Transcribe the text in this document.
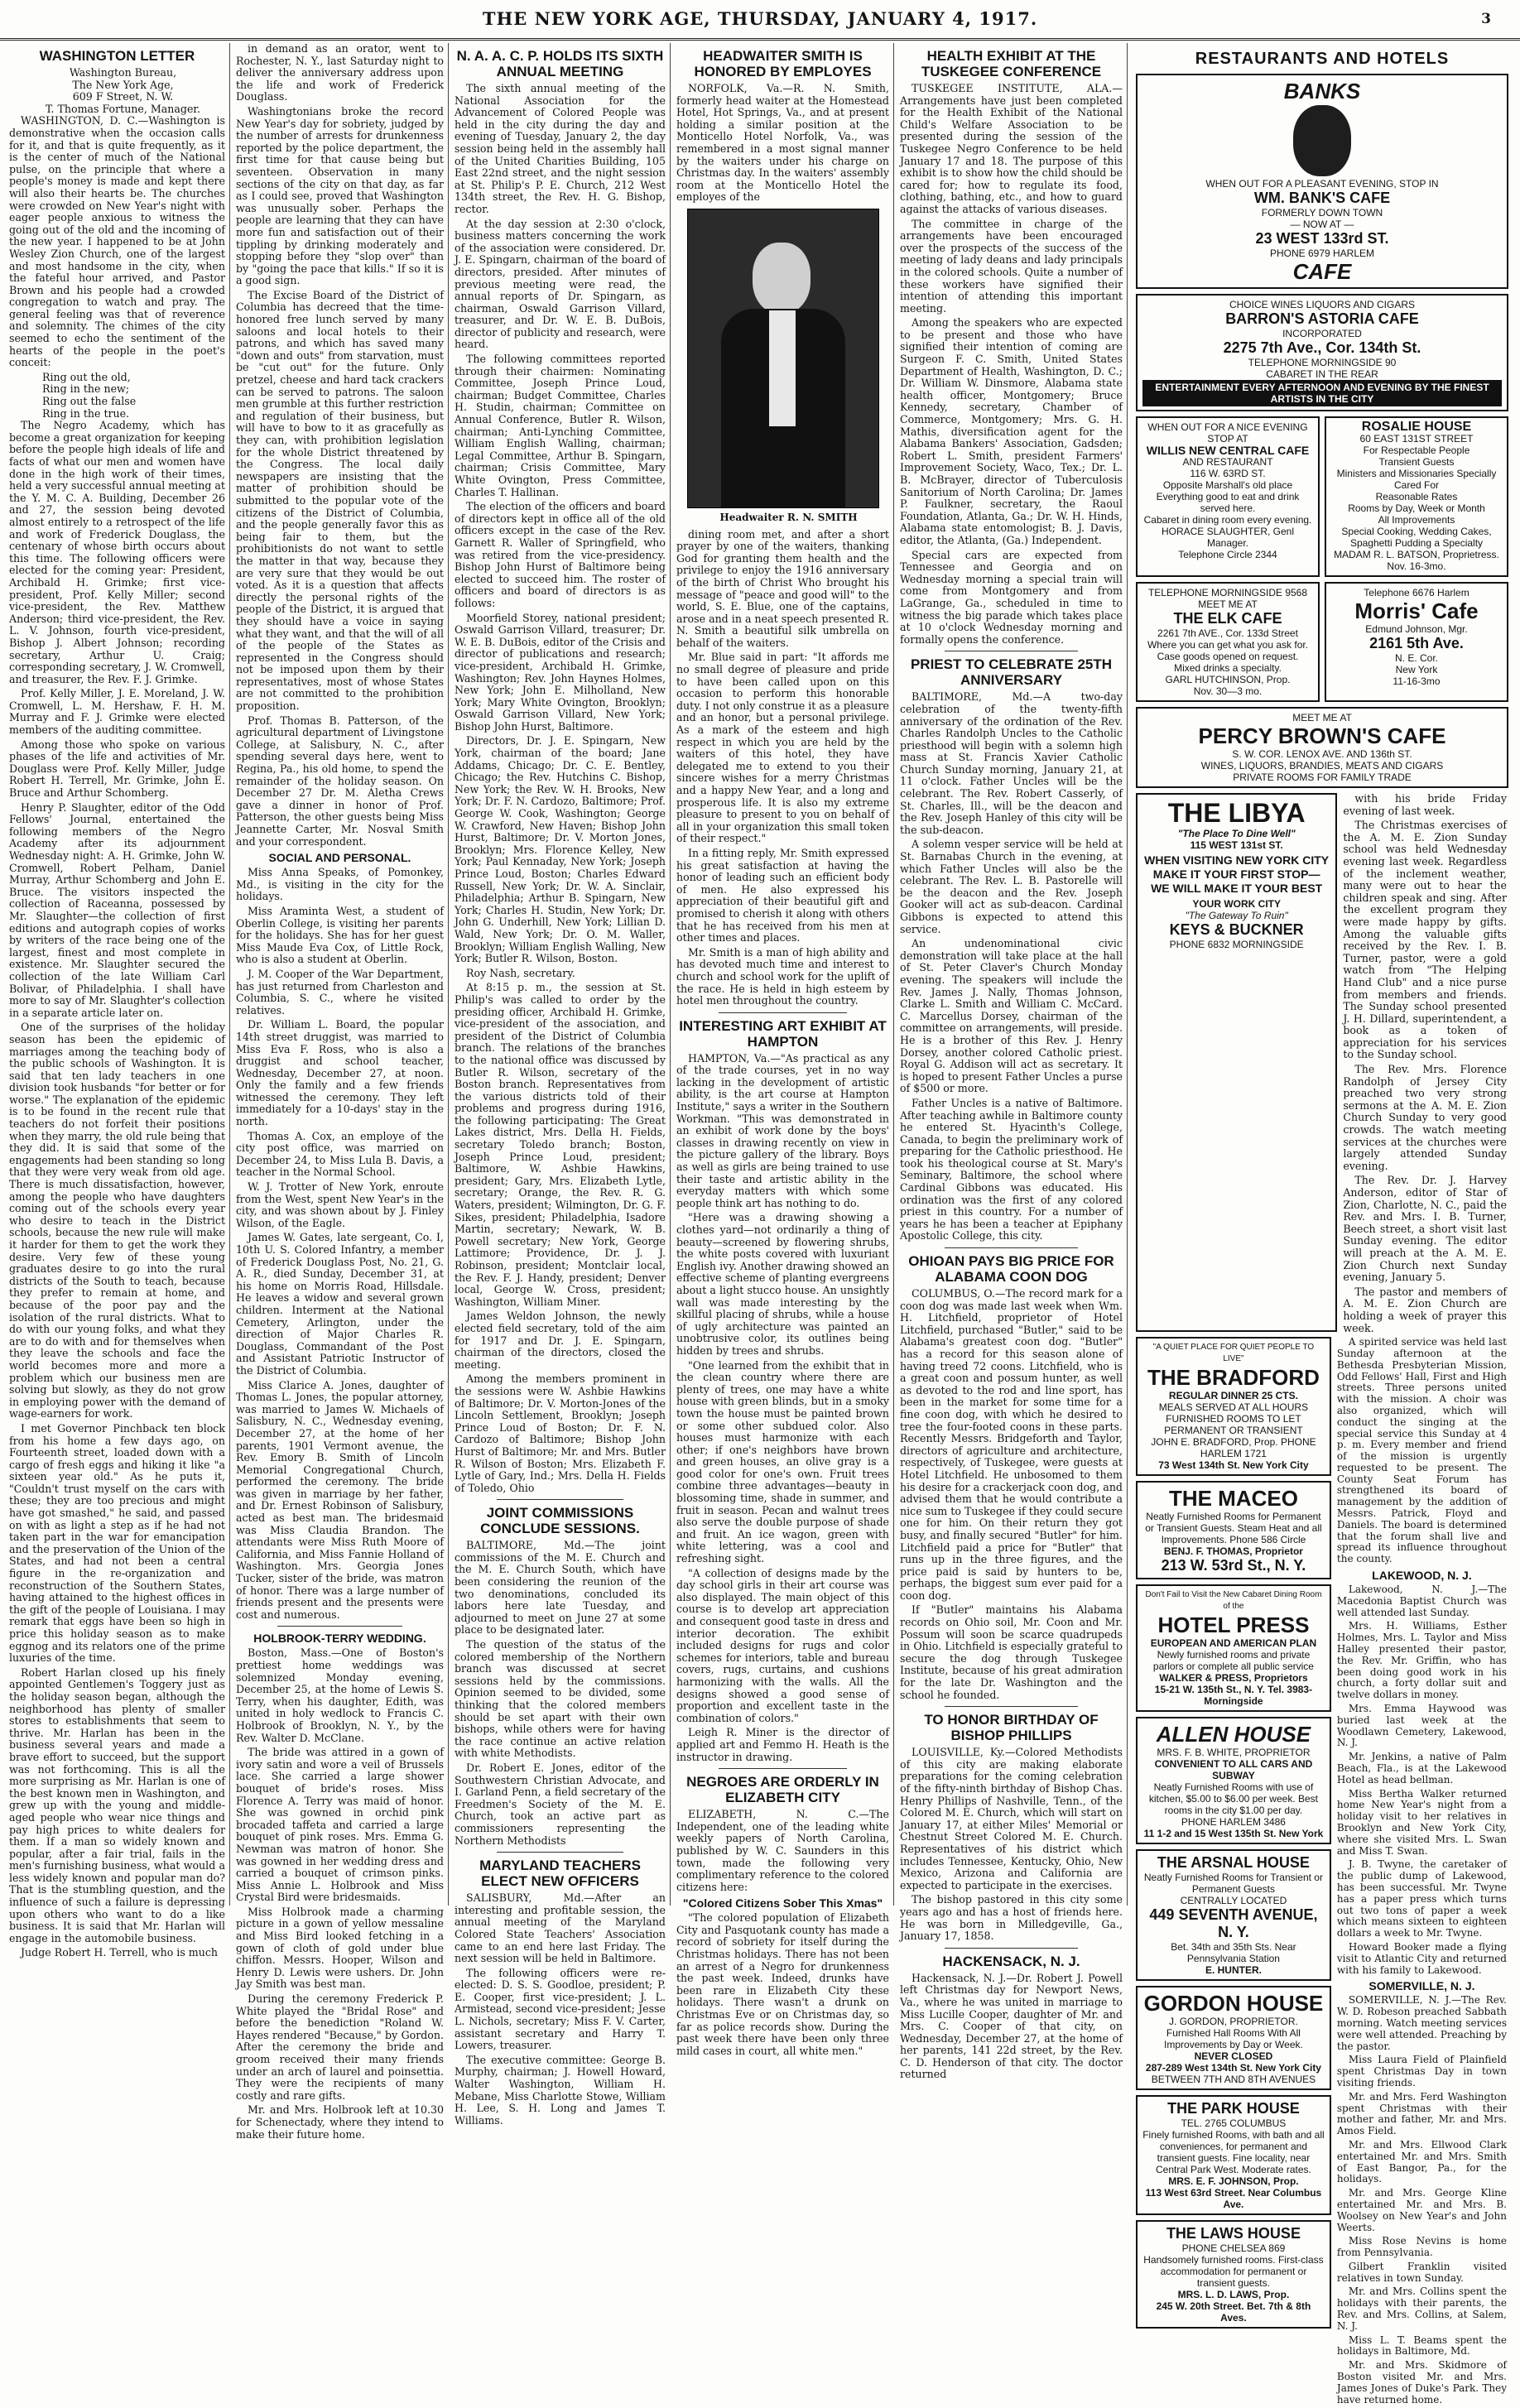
THE NEW YORK AGE, THURSDAY, JANUARY 4, 1917.	3
WASHINGTON LETTER

Washington Bureau,

The New York Age,

609 F Street, N. W.

T. Thomas Fortune, Manager.

WASHINGTON, D. C.—Washington is demonstrative when the occasion calls for it, and that is quite frequently, as it is the center of much of the National pulse, on the principle that where a people's money is made and kept there will also their hearts be. The churches were crowded on New Year's night with eager people anxious to witness the going out of the old and the incoming of the new year. I happened to be at John Wesley Zion Church, one of the largest and most handsome in the city, when the fateful hour arrived, and Pastor Brown and his people had a crowded congregation to watch and pray. The general feeling was that of reverence and solemnity. The chimes of the city seemed to echo the sentiment of the hearts of the people in the poet's conceit:

Ring out the old,

Ring in the new;

Ring out the false

Ring in the true.

The Negro Academy, which has become a great organization for keeping before the people high ideals of life and facts of what our men and women have done in the high work of their times, held a very successful annual meeting at the Y. M. C. A. Building, December 26 and 27, the session being devoted almost entirely to a retrospect of the life and work of Frederick Douglass, the centenary of whose birth occurs about this time. The following officers were elected for the coming year: President, Archibald H. Grimke; first vice-president, Prof. Kelly Miller; second vice-president, the Rev. Matthew Anderson; third vice-president, the Rev. L. V. Johnson, fourth vice-president, Bishop J. Albert Johnson; recording secretary, Arthur U. Craig; corresponding secretary, J. W. Cromwell, and treasurer, the Rev. F. J. Grimke.

Prof. Kelly Miller, J. E. Moreland, J. W. Cromwell, L. M. Hershaw, F. H. M. Murray and F. J. Grimke were elected members of the auditing committee.

Among those who spoke on various phases of the life and activities of Mr. Douglass were Prof. Kelly Miller, Judge Robert H. Terrell, Mr. Grimke, John E. Bruce and Arthur Schomberg.

Henry P. Slaughter, editor of the Odd Fellows' Journal, entertained the following members of the Negro Academy after its adjournment Wednesday night: A. H. Grimke, John W. Cromwell, Robert Pelham, Daniel Murray, Arthur Schomberg and John E. Bruce. The visitors inspected the collection of Raceanna, possessed by Mr. Slaughter—the collection of first editions and autograph copies of works by writers of the race being one of the largest, finest and most complete in existence. Mr. Slaughter secured the collection of the late William Carl Bolivar, of Philadelphia. I shall have more to say of Mr. Slaughter's collection in a separate article later on.

One of the surprises of the holiday season has been the epidemic of marriages among the teaching body of the public schools of Washington. It is said that ten lady teachers in one division took husbands "for better or for worse." The explanation of the epidemic is to be found in the recent rule that teachers do not forfeit their positions when they marry, the old rule being that they did. It is said that some of the engagements had been standing so long that they were very weak from old age. There is much dissatisfaction, however, among the people who have daughters coming out of the schools every year who desire to teach in the District schools, because the new rule will make it harder for them to get the work they desire. Very few of these young graduates desire to go into the rural districts of the South to teach, because they prefer to remain at home, and because of the poor pay and the isolation of the rural districts. What to do with our young folks, and what they are to do with and for themselves when they leave the schools and face the world becomes more and more a problem which our business men are solving but slowly, as they do not grow in employing power with the demand of wage-earners for work.

I met Governor Pinchback ten block from his home a few days ago, on Fourteenth street, loaded down with a cargo of fresh eggs and hiking it like "a sixteen year old." As he puts it, "Couldn't trust myself on the cars with these; they are too precious and might have got smashed," he said, and passed on with as light a step as if he had not taken part in the war for emancipation and the preservation of the Union of the States, and had not been a central figure in the re-organization and reconstruction of the Southern States, having attained to the highest offices in the gift of the people of Louisiana. I may remark that eggs have been so high in price this holiday season as to make eggnog and its relators one of the prime luxuries of the time.

Robert Harlan closed up his finely appointed Gentlemen's Toggery just as the holiday season began, although the neighborhood has plenty of smaller stores to establishments that seem to thrive. Mr. Harlan has been in the business several years and made a brave effort to succeed, but the support was not forthcoming. This is all the more surprising as Mr. Harlan is one of the best known men in Washington, and grew up with the young and middle-aged people who wear nice things and pay high prices to white dealers for them. If a man so widely known and popular, after a fair trial, fails in the men's furnishing business, what would a less widely known and popular man do? That is the stumbling question, and the influence of such a failure is depressing upon others who want to do a like business. It is said that Mr. Harlan will engage in the automobile business.

Judge Robert H. Terrell, who is much

in demand as an orator, went to Rochester, N. Y., last Saturday night to deliver the anniversary address upon the life and work of Frederick Douglass.

Washingtonians broke the record New Year's day for sobriety, judged by the number of arrests for drunkenness reported by the police department, the first time for that cause being but seventeen. Observation in many sections of the city on that day, as far as I could see, proved that Washington was unusually sober. Perhaps the people are learning that they can have more fun and satisfaction out of their tippling by drinking moderately and stopping before they "slop over" than by "going the pace that kills." If so it is a good sign.

The Excise Board of the District of Columbia has decreed that the time-honored free lunch served by many saloons and local hotels to their patrons, and which has saved many "down and outs" from starvation, must be "cut out" for the future. Only pretzel, cheese and hard tack crackers can be served to patrons. The saloon men grumble at this further restriction and regulation of their business, but will have to bow to it as gracefully as they can, with prohibition legislation for the whole District threatened by the Congress. The local daily newspapers are insisting that the matter of prohibition should be submitted to the popular vote of the citizens of the District of Columbia, and the people generally favor this as being fair to them, but the prohibitionists do not want to settle the matter in that way, because they are very sure that they would be out voted. As it is a question that affects directly the personal rights of the people of the District, it is argued that they should have a voice in saying what they want, and that the will of all of the people of the States as represented in the Congress should not be imposed upon them by their representatives, most of whose States are not committed to the prohibition proposition.

Prof. Thomas B. Patterson, of the agricultural department of Livingstone College, at Salisbury, N. C., after spending several days here, went to Regina, Pa., his old home, to spend the remainder of the holiday season. On December 27 Dr. M. Aletha Crews gave a dinner in honor of Prof. Patterson, the other guests being Miss Jeannette Carter, Mr. Nosval Smith and your correspondent.

SOCIAL AND PERSONAL.

Miss Anna Speaks, of Pomonkey, Md., is visiting in the city for the holidays.

Miss Araminta West, a student of Oberlin College, is visiting her parents for the holidays. She has for her guest Miss Maude Eva Cox, of Little Rock, who is also a student at Oberlin.

J. M. Cooper of the War Department, has just returned from Charleston and Columbia, S. C., where he visited relatives.

Dr. William L. Board, the popular 14th street druggist, was married to Miss Eva F. Ross, who is also a druggist and school teacher, Wednesday, December 27, at noon. Only the family and a few friends witnessed the ceremony. They left immediately for a 10-days' stay in the north.

Thomas A. Cox, an employe of the city post office, was married on December 24, to Miss Lula B. Davis, a teacher in the Normal School.

W. J. Trotter of New York, enroute from the West, spent New Year's in the city, and was shown about by J. Finley Wilson, of the Eagle.

James W. Gates, late sergeant, Co. I, 10th U. S. Colored Infantry, a member of Frederick Douglass Post, No. 21, G. A. R., died Sunday, December 31, at his home on Morris Road, Hillsdale. He leaves a widow and several grown children. Interment at the National Cemetery, Arlington, under the direction of Major Charles R. Douglass, Commandant of the Post and Assistant Patriotic Instructor of the District of Columbia.

Miss Clarice A. Jones, daughter of Thomas L. Jones, the popular attorney, was married to James W. Michaels of Salisbury, N. C., Wednesday evening, December 27, at the home of her parents, 1901 Vermont avenue, the Rev. Emory B. Smith of Lincoln Memorial Congregational Church, performed the ceremony. The bride was given in marriage by her father, and Dr. Ernest Robinson of Salisbury, acted as best man. The bridesmaid was Miss Claudia Brandon. The attendants were Miss Ruth Moore of California, and Miss Fannie Holland of Washington. Mrs. Georgia Jones Tucker, sister of the bride, was matron of honor. There was a large number of friends present and the presents were cost and numerous.

HOLBROOK-TERRY WEDDING.

Boston, Mass.—One of Boston's prettiest home weddings was solemnized Monday evening, December 25, at the home of Lewis S. Terry, when his daughter, Edith, was united in holy wedlock to Francis C. Holbrook of Brooklyn, N. Y., by the Rev. Walter D. McClane.

The bride was attired in a gown of ivory satin and wore a veil of Brussels lace. She carried a large shower bouquet of bride's roses. Miss Florence A. Terry was maid of honor. She was gowned in orchid pink brocaded taffeta and carried a large bouquet of pink roses. Mrs. Emma G. Newman was matron of honor. She was gowned in her wedding dress and carried a bouquet of crimson pinks. Miss Annie L. Holbrook and Miss Crystal Bird were bridesmaids.

Miss Holbrook made a charming picture in a gown of yellow messaline and Miss Bird looked fetching in a gown of cloth of gold under blue chiffon. Messrs. Hooper, Wilson and Henry D. Lewis were ushers. Dr. John Jay Smith was best man.

During the ceremony Frederick P. White played the "Bridal Rose" and before the benediction "Roland W. Hayes rendered "Because," by Gordon. After the ceremony the bride and groom received their many friends under an arch of laurel and poinsettia. They were the recipients of many costly and rare gifts.

Mr. and Mrs. Holbrook left at 10.30 for Schenectady, where they intend to make their future home.

N. A. A. C. P. HOLDS ITS SIXTH ANNUAL MEETING

The sixth annual meeting of the National Association for the Advancement of Colored People was held in the city during the day and evening of Tuesday, January 2, the day session being held in the assembly hall of the United Charities Building, 105 East 22nd street, and the night session at St. Philip's P. E. Church, 212 West 134th street, the Rev. H. G. Bishop, rector.

At the day session at 2:30 o'clock, business matters concerning the work of the association were considered. Dr. J. E. Spingarn, chairman of the board of directors, presided. After minutes of previous meeting were read, the annual reports of Dr. Spingarn, as chairman, Oswald Garrison Villard, treasurer, and Dr. W. E. B. DuBois, director of publicity and research, were heard.

The following committees reported through their chairmen: Nominating Committee, Joseph Prince Loud, chairman; Budget Committee, Charles H. Studin, chairman; Committee on Annual Conference, Butler R. Wilson, chairman; Anti-Lynching Committee, William English Walling, chairman; Legal Committee, Arthur B. Spingarn, chairman; Crisis Committee, Mary White Ovington, Press Committee, Charles T. Hallinan.

The election of the officers and board of directors kept in office all of the old officers except in the case of the Rev. Garnett R. Waller of Springfield, who was retired from the vice-presidency. Bishop John Hurst of Baltimore being elected to succeed him. The roster of officers and board of directors is as follows:

Moorfield Storey, national president; Oswald Garrison Villard, treasurer; Dr. W. E. B. DuBois, editor of the Crisis and director of publications and research; vice-president, Archibald H. Grimke, Washington; Rev. John Haynes Holmes, New York; John E. Milholland, New York; Mary White Ovington, Brooklyn; Oswald Garrison Villard, New York; Bishop John Hurst, Baltimore.

Directors, Dr. J. E. Spingarn, New York, chairman of the board; Jane Addams, Chicago; Dr. C. E. Bentley, Chicago; the Rev. Hutchins C. Bishop, New York; the Rev. W. H. Brooks, New York; Dr. F. N. Cardozo, Baltimore; Prof. George W. Cook, Washington; George W. Crawford, New Haven; Bishop John Hurst, Baltimore; Dr. V. Morton Jones, Brooklyn; Mrs. Florence Kelley, New York; Paul Kennaday, New York; Joseph Prince Loud, Boston; Charles Edward Russell, New York; Dr. W. A. Sinclair, Philadelphia; Arthur B. Spingarn, New York; Charles H. Studin, New York; Dr. John G. Underhill, New York; Lillian D. Wald, New York; Dr. O. M. Waller, Brooklyn; William English Walling, New York; Butler R. Wilson, Boston.

Roy Nash, secretary.

At 8:15 p. m., the session at St. Philip's was called to order by the presiding officer, Archibald H. Grimke, vice-president of the association, and president of the District of Columbia branch. The relations of the branches to the national office was discussed by Butler R. Wilson, secretary of the Boston branch. Representatives from the various districts told of their problems and progress during 1916, the following participating: The Great Lakes district, Mrs. Della H. Fields, secretary Toledo branch; Boston, Joseph Prince Loud, president; Baltimore, W. Ashbie Hawkins, president; Gary, Mrs. Elizabeth Lytle, secretary; Orange, the Rev. R. G. Waters, president; Wilmington, Dr. G. F. Sikes, president; Philadelphia, Isadore Martin, secretary; Newark, W. B. Powell secretary; New York, George Lattimore; Providence, Dr. J. J. Robinson, president; Montclair local, the Rev. F. J. Handy, president; Denver local, George W. Cross, president; Washington, William Miner.

James Weldon Johnson, the newly elected field secretary, told of the aim for 1917 and Dr. J. E. Spingarn, chairman of the directors, closed the meeting.

Among the members prominent in the sessions were W. Ashbie Hawkins of Baltimore; Dr. V. Morton-Jones of the Lincoln Settlement, Brooklyn; Joseph Prince Loud of Boston; Dr. F. N. Cardozo of Baltimore; Bishop John Hurst of Baltimore; Mr. and Mrs. Butler R. Wilson of Boston; Mrs. Elizabeth F. Lytle of Gary, Ind.; Mrs. Della H. Fields of Toledo, Ohio

JOINT COMMISSIONS CONCLUDE SESSIONS.

BALTIMORE, Md.—The joint commissions of the M. E. Church and the M. E. Church South, which have been considering the reunion of the two denominations, concluded its labors here late Tuesday, and adjourned to meet on June 27 at some place to be designated later.

The question of the status of the colored membership of the Northern branch was discussed at secret sessions held by the commissions. Opinion seemed to be divided, some thinking that the colored members should be set apart with their own bishops, while others were for having the race continue an active relation with white Methodists.

Dr. Robert E. Jones, editor of the Southwestern Christian Advocate, and I. Garland Penn, a field secretary of the Freedmen's Society of the M. E. Church, took an active part as commissioners representing the Northern Methodists

MARYLAND TEACHERS ELECT NEW OFFICERS

SALISBURY, Md.—After an interesting and profitable session, the annual meeting of the Maryland Colored State Teachers' Association came to an end here last Friday. The next session will be held in Baltimore.

The following officers were re-elected: D. S. S. Goodloe, president; P. E. Cooper, first vice-president; J. L. Armistead, second vice-president; Jesse L. Nichols, secretary; Miss F. V. Carter, assistant secretary and Harry T. Lowers, treasurer.

The executive committee: George B. Murphy, chairman; J. Howell Howard, Walter Washington, William H. Mebane, Miss Charlotte Stowe, William H. Lee, S. H. Long and James T. Williams.

HEADWAITER SMITH IS HONORED BY EMPLOYES

NORFOLK, Va.—R. N. Smith, formerly head waiter at the Homestead Hotel, Hot Springs, Va., and at present holding a similar position at the Monticello Hotel Norfolk, Va., was remembered in a most signal manner by the waiters under his charge on Christmas day. In the waiters' assembly room at the Monticello Hotel the employes of the

Headwaiter R. N. SMITH

dining room met, and after a short prayer by one of the waiters, thanking God for granting them health and the privilege to enjoy the 1916 anniversary of the birth of Christ Who brought his message of "peace and good will" to the world, S. E. Blue, one of the captains, arose and in a neat speech presented R. N. Smith a beautiful silk umbrella on behalf of the waiters.

Mr. Blue said in part: "It affords me no small degree of pleasure and pride to have been called upon on this occasion to perform this honorable duty. I not only construe it as a pleasure and an honor, but a personal privilege. As a mark of the esteem and high respect in which you are held by the waiters of this hotel, they have delegated me to extend to you their sincere wishes for a merry Christmas and a happy New Year, and a long and prosperous life. It is also my extreme pleasure to present to you on behalf of all in your organization this small token of their respect."

In a fitting reply, Mr. Smith expressed his great satisfaction at having the honor of leading such an efficient body of men. He also expressed his appreciation of their beautiful gift and promised to cherish it along with others that he has received from his men at other times and places.

Mr. Smith is a man of high ability and has devoted much time and interest to church and school work for the uplift of the race. He is held in high esteem by hotel men throughout the country.

INTERESTING ART EXHIBIT AT HAMPTON

HAMPTON, Va.—"As practical as any of the trade courses, yet in no way lacking in the development of artistic ability, is the art course at Hampton Institute," says a writer in the Southern Workman. "This was demonstrated in an exhibit of work done by the boys' classes in drawing recently on view in the picture gallery of the library. Boys as well as girls are being trained to use their taste and artistic ability in the everyday matters with which some people think art has nothing to do.

"Here was a drawing showing a clothes yard—not ordinarily a thing of beauty—screened by flowering shrubs, the white posts covered with luxuriant English ivy. Another drawing showed an effective scheme of planting evergreens about a light stucco house. An unsightly wall was made interesting by the skillful placing of shrubs, while a house of ugly architecture was painted an unobtrusive color, its outlines being hidden by trees and shrubs.

"One learned from the exhibit that in the clean country where there are plenty of trees, one may have a white house with green blinds, but in a smoky town the house must be painted brown or some other subdued color. Also houses must harmonize with each other; if one's neighbors have brown and green houses, an olive gray is a good color for one's own. Fruit trees combine three advantages—beauty in blossoming time, shade in summer, and fruit in season. Pecan and walnut trees also serve the double purpose of shade and fruit. An ice wagon, green with white lettering, was a cool and refreshing sight.

"A collection of designs made by the day school girls in their art course was also displayed. The main object of this course is to develop art appreciation and consequent good taste in dress and interior decoration. The exhibit included designs for rugs and color schemes for interiors, table and bureau covers, rugs, curtains, and cushions harmonizing with the walls. All the designs showed a good sense of proportion and excellent taste in the combination of colors."

Leigh R. Miner is the director of applied art and Femmo H. Heath is the instructor in drawing.

NEGROES ARE ORDERLY IN ELIZABETH CITY

ELIZABETH, N. C.—The Independent, one of the leading white weekly papers of North Carolina, published by W. C. Saunders in this town, made the following very complimentary reference to the colored citizens here:

"Colored Citizens Sober This Xmas"

"The colored population of Elizabeth City and Pasquotank county has made a record of sobriety for itself during the Christmas holidays. There has not been an arrest of a Negro for drunkenness the past week. Indeed, drunks have been rare in Elizabeth City these holidays. There wasn't a drunk on Christmas Eve or on Christmas day, so far as police records show. During the past week there have been only three mild cases in court, all white men."

HEALTH EXHIBIT AT THE TUSKEGEE CONFERENCE

TUSKEGEE INSTITUTE, ALA.—Arrangements have just been completed for the Health Exhibit of the National Child's Welfare Association to be presented during the session of the Tuskegee Negro Conference to be held January 17 and 18. The purpose of this exhibit is to show how the child should be cared for; how to regulate its food, clothing, bathing, etc., and how to guard against the attacks of various diseases.

The committee in charge of the arrangements have been encouraged over the prospects of the success of the meeting of lady deans and lady principals in the colored schools. Quite a number of these workers have signified their intention of attending this important meeting.

Among the speakers who are expected to be present and those who have signified their intention of coming are Surgeon F. C. Smith, United States Department of Health, Washington, D. C.; Dr. William W. Dinsmore, Alabama state health officer, Montgomery; Bruce Kennedy, secretary, Chamber of Commerce, Montgomery; Mrs. G. H. Mathis, diversification agent for the Alabama Bankers' Association, Gadsden; Robert L. Smith, president Farmers' Improvement Society, Waco, Tex.; Dr. L. B. McBrayer, director of Tuberculosis Sanitorium of North Carolina; Dr. James P. Faulkner, secretary, the Raoul Foundation, Atlanta, Ga.; Dr. W. H. Hinds, Alabama state entomologist; B. J. Davis, editor, the Atlanta, (Ga.) Independent.

Special cars are expected from Tennessee and Georgia and on Wednesday morning a special train will come from Montgomery and from LaGrange, Ga., scheduled in time to witness the big parade which takes place at 10 o'clock Wednesday morning and formally opens the conference.

PRIEST TO CELEBRATE 25TH ANNIVERSARY

BALTIMORE, Md.—A two-day celebration of the twenty-fifth anniversary of the ordination of the Rev. Charles Randolph Uncles to the Catholic priesthood will begin with a solemn high mass at St. Francis Xavier Catholic Church Sunday morning, January 21, at 11 o'clock. Father Uncles will be the celebrant. The Rev. Robert Casserly, of St. Charles, Ill., will be the deacon and the Rev. Joseph Hanley of this city will be the sub-deacon.

A solemn vesper service will be held at St. Barnabas Church in the evening, at which Father Uncles will also be the celebrant. The Rev. L. B. Pastorelle will be the deacon and the Rev. Joseph Gooker will act as sub-deacon. Cardinal Gibbons is expected to attend this service.

An undenominational civic demonstration will take place at the hall of St. Peter Claver's Church Monday evening. The speakers will include the Rev. James J. Nally, Thomas Johnson, Clarke L. Smith and William C. McCard. C. Marcellus Dorsey, chairman of the committee on arrangements, will preside. He is a brother of this Rev. J. Henry Dorsey, another colored Catholic priest. Royal G. Addison will act as secretary. It is hoped to present Father Uncles a purse of $500 or more.

Father Uncles is a native of Baltimore. After teaching awhile in Baltimore county he entered St. Hyacinth's College, Canada, to begin the preliminary work of preparing for the Catholic priesthood. He took his theological course at St. Mary's Seminary, Baltimore, the school where Cardinal Gibbons was educated. His ordination was the first of any colored priest in this country. For a number of years he has been a teacher at Epiphany Apostolic College, this city.

OHIOAN PAYS BIG PRICE FOR ALABAMA COON DOG

COLUMBUS, O.—The record mark for a coon dog was made last week when Wm. H. Litchfield, proprietor of Hotel Litchfield, purchased "Butler," said to be Alabama's greatest coon dog. "Butler" has a record for this season alone of having treed 72 coons. Litchfield, who is a great coon and possum hunter, as well as devoted to the rod and line sport, has been in the market for some time for a fine coon dog, with which he desired to tree the four-footed coons in these parts. Recently Messrs. Bridgeforth and Taylor, directors of agriculture and architecture, respectively, of Tuskegee, were guests at Hotel Litchfield. He unbosomed to them his desire for a crackerjack coon dog, and advised them that he would contribute a nice sum to Tuskegee if they could secure one for him. On their return they got busy, and finally secured "Butler" for him. Litchfield paid a price for "Butler" that runs up in the three figures, and the price paid is said by hunters to be, perhaps, the biggest sum ever paid for a coon dog.

If "Butler" maintains his Alabama records on Ohio soil, Mr. Coon and Mr. Possum will soon be scarce quadrupeds in Ohio. Litchfield is especially grateful to secure the dog through Tuskegee Institute, because of his great admiration for the late Dr. Washington and the school he founded.

TO HONOR BIRTHDAY OF BISHOP PHILLIPS

LOUISVILLE, Ky.—Colored Methodists of this city are making elaborate preparations for the coming celebration of the fifty-ninth birthday of Bishop Chas. Henry Phillips of Nashville, Tenn., of the Colored M. E. Church, which will start on January 17, at either Miles' Memorial or Chestnut Street Colored M. E. Church. Representatives of his district which includes Tennessee, Kentucky, Ohio, New Mexico, Arizona and California are expected to participate in the exercises.

The bishop pastored in this city some years ago and has a host of friends here. He was born in Milledgeville, Ga., January 17, 1858.

HACKENSACK, N. J.

Hackensack, N. J.—Dr. Robert J. Powell left Christmas day for Newport News, Va., where he was united in marriage to Miss Lucille Cooper, daughter of Mr. and Mrs. C. Cooper of that city, on Wednesday, December 27, at the home of her parents, 141 22d street, by the Rev. C. D. Henderson of that city. The doctor returned

RESTAURANTS AND HOTELS
BANKS
WHEN OUT FOR A PLEASANT EVENING, STOP IN
WM. BANK'S CAFE
FORMERLY DOWN TOWN
— NOW AT —
23 WEST 133rd ST.
PHONE 6979 HARLEM
CAFE
CHOICE WINES LIQUORS AND CIGARS
BARRON'S ASTORIA CAFE
INCORPORATED
2275 7th Ave., Cor. 134th St.
TELEPHONE MORNINGSIDE 90
CABARET IN THE REAR
ENTERTAINMENT EVERY AFTERNOON AND EVENING BY THE FINEST ARTISTS IN THE CITY
WHEN OUT FOR A NICE EVENING STOP AT
WILLIS NEW CENTRAL CAFE
AND RESTAURANT
116 W. 63RD ST.
Opposite Marshall's old place
Everything good to eat and drink served here.
Cabaret in dining room every evening.
HORACE SLAUGHTER, Genl Manager.
Telephone Circle 2344
ROSALIE HOUSE
60 EAST 131ST STREET
For Respectable People
Transient Guests
Ministers and Missionaries Specially Cared For
Reasonable Rates
Rooms by Day, Week or Month
All Improvements
Special Cooking, Wedding Cakes, Spaghetti Pudding a Specialty
MADAM R. L. BATSON, Proprietress.
Nov. 16-3mo.
TELEPHONE MORNINGSIDE 9568
MEET ME AT
THE ELK CAFE
2261 7th AVE., Cor. 133d Street
Where you can get what you ask for. Case goods opened on request. Mixed drinks a specialty.
GARL HUTCHINSON, Prop.
Nov. 30—3 mo.
Telephone 6676 Harlem
Morris' Cafe
Edmund Johnson, Mgr.
2161 5th Ave.
N. E. Cor.
New York
11-16-3mo
MEET ME AT
PERCY BROWN'S CAFE
S. W. COR. LENOX AVE. AND 136th ST.
WINES, LIQUORS, BRANDIES, MEATS AND CIGARS
PRIVATE ROOMS FOR FAMILY TRADE
THE LIBYA
"The Place To Dine Well"
115 WEST 131st ST.
WHEN VISITING NEW YORK CITY MAKE IT YOUR FIRST STOP— WE WILL MAKE IT YOUR BEST
YOUR WORK CITY
"The Gateway To Ruin"
KEYS & BUCKNER
PHONE 6832 MORNINGSIDE

with his bride Friday evening of last week.

The Christmas exercises of the A. M. E. Zion Sunday school was held Wednesday evening last week. Regardless of the inclement weather, many were out to hear the children speak and sing. After the excellent program they were made happy by gifts. Among the valuable gifts received by the Rev. I. B. Turner, pastor, were a gold watch from "The Helping Hand Club" and a nice purse from members and friends. The Sunday school presented J. H. Dillard, superintendent, a book as a token of appreciation for his services to the Sunday school.

The Rev. Mrs. Florence Randolph of Jersey City preached two very strong sermons at the A. M. E. Zion Church Sunday to very good crowds. The watch meeting services at the churches were largely attended Sunday evening.

The Rev. Dr. J. Harvey Anderson, editor of Star of Zion, Charlotte, N. C., paid the Rev. and Mrs. I. B. Turner, Beech street, a short visit last Sunday evening. The editor will preach at the A. M. E. Zion Church next Sunday evening, January 5.

The pastor and members of A. M. E. Zion Church are holding a week of prayer this week.

"A QUIET PLACE FOR QUIET PEOPLE TO LIVE"
THE BRADFORD
REGULAR DINNER 25 CTS.
MEALS SERVED AT ALL HOURS
FURNISHED ROOMS TO LET PERMANENT OR TRANSIENT
JOHN E. BRADFORD, Prop. PHONE HARLEM 1721
73 West 134th St. New York City
THE MACEO
Neatly Furnished Rooms for Permanent or Transient Guests. Steam Heat and all Improvements. Phone 586 Circle
BENJ. F. THOMAS, Proprietor
213 W. 53rd St., N. Y.
Don't Fail to Visit the New Cabaret Dining Room
of the
HOTEL PRESS
EUROPEAN AND AMERICAN PLAN
Newly furnished rooms and private parlors or complete all public service
WALKER & PRESS, Proprietors
15-21 W. 135th St., N. Y. Tel. 3983-Morningside
ALLEN HOUSE
MRS. F. B. WHITE, PROPRIETOR
CONVENIENT TO ALL CARS AND SUBWAY
Neatly Furnished Rooms with use of kitchen, $5.00 to $6.00 per week. Best rooms in the city $1.00 per day.
PHONE HARLEM 3486
11 1-2 and 15 West 135th St. New York
THE ARSNAL HOUSE
Neatly Furnished Rooms for Transient or Permanent Guests
CENTRALLY LOCATED
449 SEVENTH AVENUE, N. Y.
Bet. 34th and 35th Sts. Near Pennsylvania Station
E. HUNTER.
GORDON HOUSE
J. GORDON, PROPRIETOR.
Furnished Hall Rooms With All Improvements by Day or Week.
NEVER CLOSED
287-289 West 134th St. New York City
BETWEEN 7TH AND 8TH AVENUES
THE PARK HOUSE
TEL. 2765 COLUMBUS
Finely furnished Rooms, with bath and all conveniences, for permanent and transient guests. Fine locality, near Central Park West. Moderate rates.
MRS. E. F. JOHNSON, Prop.
113 West 63rd Street. Near Columbus Ave.
THE LAWS HOUSE
PHONE CHELSEA 869
Handsomely furnished rooms. First-class accommodation for permanent or transient guests.
MRS. L. D. LAWS, Prop.
245 W. 20th Street. Bet. 7th & 8th Aves.

A spirited service was held last Sunday afternoon at the Bethesda Presbyterian Mission, Odd Fellows' Hall, First and High streets. Three persons united with the mission. A choir was also organized, which will conduct the singing at the special service this Sunday at 4 p. m. Every member and friend of the mission is urgently requested to be present. The County Seat Forum has strengthened its board of management by the addition of Messrs. Patrick, Floyd and Daniels. The board is determined that the forum shall live and spread its influence throughout the county.

LAKEWOOD, N. J.

Lakewood, N. J.—The Macedonia Baptist Church was well attended last Sunday.

Mrs. H. Williams, Esther Holmes, Mrs. L. Taylor and Miss Halley presented their pastor, the Rev. Mr. Griffin, who has been doing good work in his church, a forty dollar suit and twelve dollars in money.

Mrs. Emma Haywood was buried last week at the Woodlawn Cemetery, Lakewood, N. J.

Mr. Jenkins, a native of Palm Beach, Fla., is at the Lakewood Hotel as head bellman.

Miss Bertha Walker returned home New Year's night from a holiday visit to her relatives in Brooklyn and New York City, where she visited Mrs. L. Swan and Miss T. Swan.

J. B. Twyne, the caretaker of the public dump of Lakewood, has been successful. Mr. Twyne has a paper press which turns out two tons of paper a week which means sixteen to eighteen dollars a week to Mr. Twyne.

Howard Booker made a flying visit to Atlantic City and returned with his family to Lakewood.

SOMERVILLE, N. J.

SOMERVILLE, N. J.—The Rev. W. D. Robeson preached Sabbath morning. Watch meeting services were well attended. Preaching by the pastor.

Miss Laura Field of Plainfield spent Christmas Day in town visiting friends.

Mr. and Mrs. Ferd Washington spent Christmas with their mother and father, Mr. and Mrs. Amos Field.

Mr. and Mrs. Ellwood Clark entertained Mr. and Mrs. Smith of East Bangor, Pa., for the holidays.

Mr. and Mrs. George Kline entertained Mr. and Mrs. B. Woolsey on New Year's and John Weerts.

Miss Rose Nevins is home from Pennsylvania.

Gilbert Franklin visited relatives in town Sunday.

Mr. and Mrs. Collins spent the holidays with their parents, the Rev. and Mrs. Collins, at Salem, N. J.

Miss L. T. Beams spent the holidays in Baltimore, Md.

Mr. and Mrs. Skidmore of Boston visited Mr. and Mrs. James Jones of Duke's Park. They have returned home.
